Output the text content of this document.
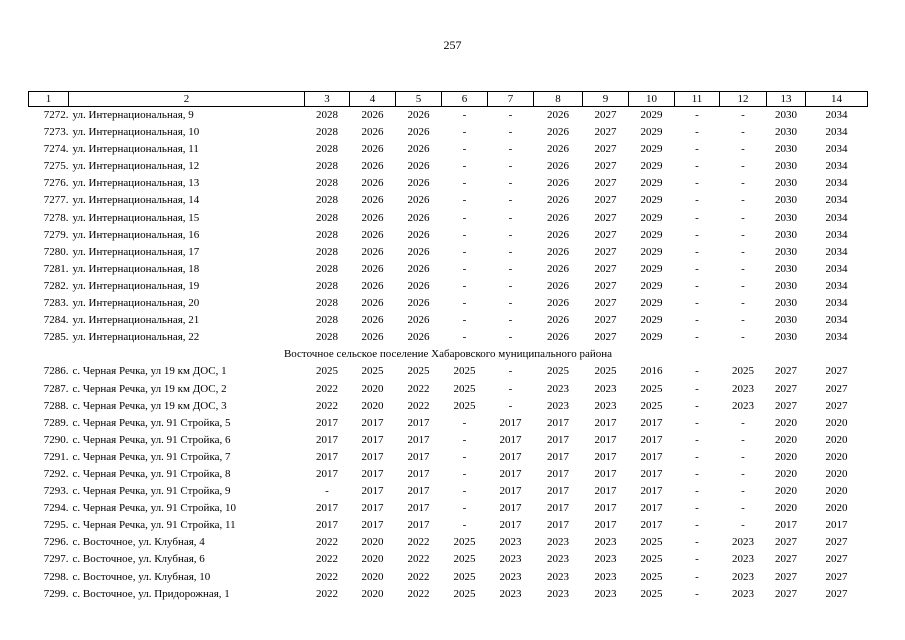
257
1	2	3	4	5	6	7	8	9	10	11	12	13	14
7272.	ул. Интернациональная, 9	2028	2026	2026	-	-	2026	2027	2029	-	-	2030	2034
7273.	ул. Интернациональная, 10	2028	2026	2026	-	-	2026	2027	2029	-	-	2030	2034
7274.	ул. Интернациональная, 11	2028	2026	2026	-	-	2026	2027	2029	-	-	2030	2034
7275.	ул. Интернациональная, 12	2028	2026	2026	-	-	2026	2027	2029	-	-	2030	2034
7276.	ул. Интернациональная, 13	2028	2026	2026	-	-	2026	2027	2029	-	-	2030	2034
7277.	ул. Интернациональная, 14	2028	2026	2026	-	-	2026	2027	2029	-	-	2030	2034
7278.	ул. Интернациональная, 15	2028	2026	2026	-	-	2026	2027	2029	-	-	2030	2034
7279.	ул. Интернациональная, 16	2028	2026	2026	-	-	2026	2027	2029	-	-	2030	2034
7280.	ул. Интернациональная, 17	2028	2026	2026	-	-	2026	2027	2029	-	-	2030	2034
7281.	ул. Интернациональная, 18	2028	2026	2026	-	-	2026	2027	2029	-	-	2030	2034
7282.	ул. Интернациональная, 19	2028	2026	2026	-	-	2026	2027	2029	-	-	2030	2034
7283.	ул. Интернациональная, 20	2028	2026	2026	-	-	2026	2027	2029	-	-	2030	2034
7284.	ул. Интернациональная, 21	2028	2026	2026	-	-	2026	2027	2029	-	-	2030	2034
7285.	ул. Интернациональная, 22	2028	2026	2026	-	-	2026	2027	2029	-	-	2030	2034
Восточное сельское поселение Хабаровского муниципального района													
7286.	с. Черная Речка, ул 19 км ДОС, 1	2025	2025	2025	2025	-	2025	2025	2016	-	2025	2027	2027
7287.	с. Черная Речка, ул 19 км ДОС, 2	2022	2020	2022	2025	-	2023	2023	2025	-	2023	2027	2027
7288.	с. Черная Речка, ул 19 км ДОС, 3	2022	2020	2022	2025	-	2023	2023	2025	-	2023	2027	2027
7289.	с. Черная Речка, ул. 91 Стройка, 5	2017	2017	2017	-	2017	2017	2017	2017	-	-	2020	2020
7290.	с. Черная Речка, ул. 91 Стройка, 6	2017	2017	2017	-	2017	2017	2017	2017	-	-	2020	2020
7291.	с. Черная Речка, ул. 91 Стройка, 7	2017	2017	2017	-	2017	2017	2017	2017	-	-	2020	2020
7292.	с. Черная Речка, ул. 91 Стройка, 8	2017	2017	2017	-	2017	2017	2017	2017	-	-	2020	2020
7293.	с. Черная Речка, ул. 91 Стройка, 9	-	2017	2017	-	2017	2017	2017	2017	-	-	2020	2020
7294.	с. Черная Речка, ул. 91 Стройка, 10	2017	2017	2017	-	2017	2017	2017	2017	-	-	2020	2020
7295.	с. Черная Речка, ул. 91 Стройка, 11	2017	2017	2017	-	2017	2017	2017	2017	-	-	2017	2017
7296.	с. Восточное, ул. Клубная, 4	2022	2020	2022	2025	2023	2023	2023	2025	-	2023	2027	2027
7297.	с. Восточное, ул. Клубная, 6	2022	2020	2022	2025	2023	2023	2023	2025	-	2023	2027	2027
7298.	с. Восточное, ул. Клубная, 10	2022	2020	2022	2025	2023	2023	2023	2025	-	2023	2027	2027
7299.	с. Восточное, ул. Придорожная, 1	2022	2020	2022	2025	2023	2023	2023	2025	-	2023	2027	2027
